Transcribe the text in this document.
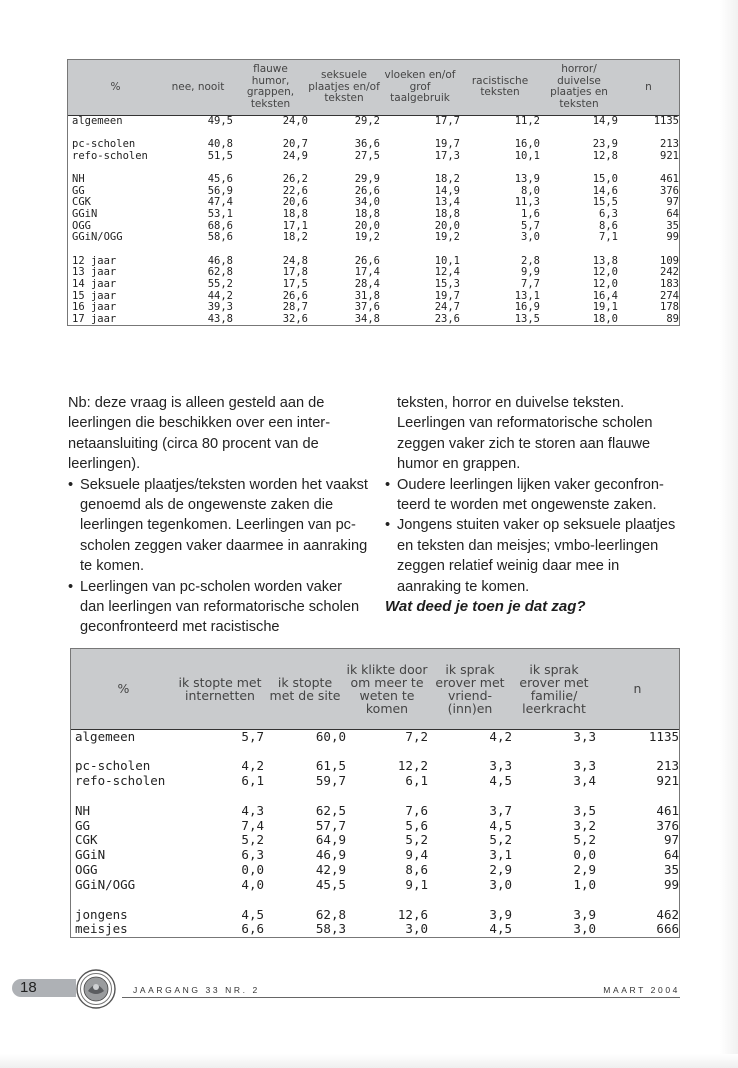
%	nee, nooit	flauwe humor, grappen, teksten	seksuele plaatjes en/of teksten	vloeken en/of grof taalgebruik	racistische teksten	horror/ duivelse plaatjes en teksten	n
algemeen	49,5	24,0	29,2	17,7	11,2	14,9	1135

pc-scholen	40,8	20,7	36,6	19,7	16,0	23,9	213
refo-scholen	51,5	24,9	27,5	17,3	10,1	12,8	921

NH	45,6	26,2	29,9	18,2	13,9	15,0	461
GG	56,9	22,6	26,6	14,9	8,0	14,6	376
CGK	47,4	20,6	34,0	13,4	11,3	15,5	97
GGiN	53,1	18,8	18,8	18,8	1,6	6,3	64
OGG	68,6	17,1	20,0	20,0	5,7	8,6	35
GGiN/OGG	58,6	18,2	19,2	19,2	3,0	7,1	99

12 jaar	46,8	24,8	26,6	10,1	2,8	13,8	109
13 jaar	62,8	17,8	17,4	12,4	9,9	12,0	242
14 jaar	55,2	17,5	28,4	15,3	7,7	12,0	183
15 jaar	44,2	26,6	31,8	19,7	13,1	16,4	274
16 jaar	39,3	28,7	37,6	24,7	16,9	19,1	178
17 jaar	43,8	32,6	34,8	23,6	13,5	18,0	89

Nb: deze vraag is alleen gesteld aan de leerlingen die beschikken over een internetaansluiting (circa 80 procent van de leerlingen).

• Seksuele plaatjes/teksten worden het vaakst genoemd als de ongewenste zaken die leerlingen tegenkomen. Leerlingen van pc-scholen zeggen vaker daarmee in aanraking te komen.
• Leerlingen van pc-scholen worden vaker dan leerlingen van reformatorische scholen geconfronteerd met racistische

teksten, horror en duivelse teksten. Leerlingen van reformatorische scholen zeggen vaker zich te storen aan flauwe humor en grappen.

• Oudere leerlingen lijken vaker geconfronteerd te worden met ongewenste zaken.
• Jongens stuiten vaker op seksuele plaatjes en teksten dan meisjes; vmbo-leerlingen zeggen relatief weinig daar mee in aanraking te komen.

Wat deed je toen je dat zag?

%	ik stopte met internetten	ik stopte met de site	ik klikte door om meer te weten te komen	ik sprak erover met vriend-(inn)en	ik sprak erover met familie/ leerkracht	n
algemeen	5,7	60,0	7,2	4,2	3,3	1135

pc-scholen	4,2	61,5	12,2	3,3	3,3	213
refo-scholen	6,1	59,7	6,1	4,5	3,4	921

NH	4,3	62,5	7,6	3,7	3,5	461
GG	7,4	57,7	5,6	4,5	3,2	376
CGK	5,2	64,9	5,2	5,2	5,2	97
GGiN	6,3	46,9	9,4	3,1	0,0	64
OGG	0,0	42,9	8,6	2,9	2,9	35
GGiN/OGG	4,0	45,5	9,1	3,0	1,0	99

jongens	4,5	62,8	12,6	3,9	3,9	462
meisjes	6,6	58,3	3,0	4,5	3,0	666
18	JAARGANG 33 NR. 2	MAART 2004
